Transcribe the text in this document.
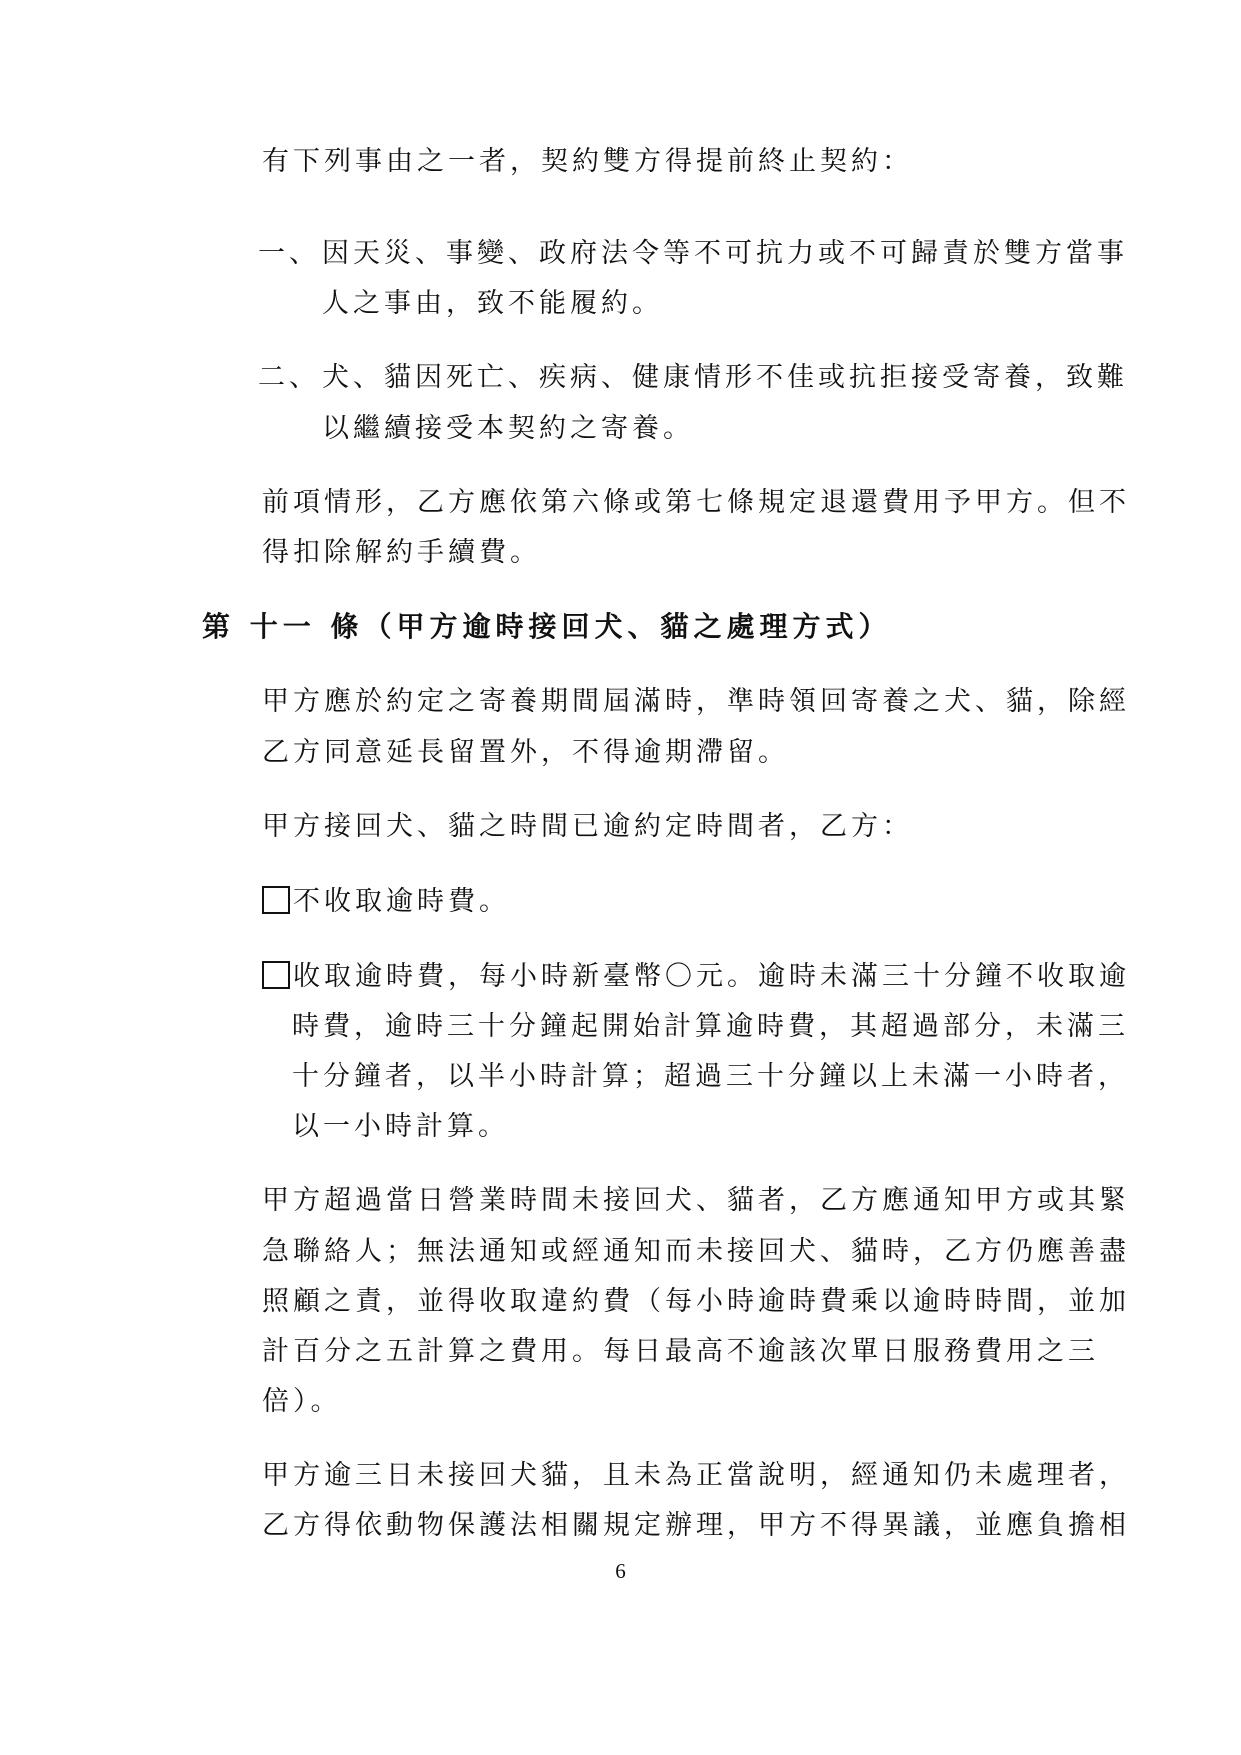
有下列事由之一者，契約雙方得提前終止契約：
一、 因天災、事變、政府法令等不可抗力或不可歸責於雙方當事
人之事由，致不能履約。
二、 犬、貓因死亡、疾病、健康情形不佳或抗拒接受寄養，致難
以繼續接受本契約之寄養。
前項情形，乙方應依第六條或第七條規定退還費用予甲方。但不
得扣除解約手續費。
第 十一 條（甲方逾時接回犬、貓之處理方式）
甲方應於約定之寄養期間屆滿時，準時領回寄養之犬、貓，除經
乙方同意延長留置外，不得逾期滯留。
甲方接回犬、貓之時間已逾約定時間者，乙方：
不收取逾時費。
收取逾時費，每小時新臺幣〇元。逾時未滿三十分鐘不收取逾
時費，逾時三十分鐘起開始計算逾時費，其超過部分，未滿三
十分鐘者，以半小時計算；超過三十分鐘以上未滿一小時者，
以一小時計算。
甲方超過當日營業時間未接回犬、貓者，乙方應通知甲方或其緊
急聯絡人；無法通知或經通知而未接回犬、貓時，乙方仍應善盡
照顧之責，並得收取違約費（每小時逾時費乘以逾時時間，並加
計百分之五計算之費用。每日最高不逾該次單日服務費用之三
倍）。
甲方逾三日未接回犬貓，且未為正當說明，經通知仍未處理者，
乙方得依動物保護法相關規定辦理，甲方不得異議，並應負擔相
6
